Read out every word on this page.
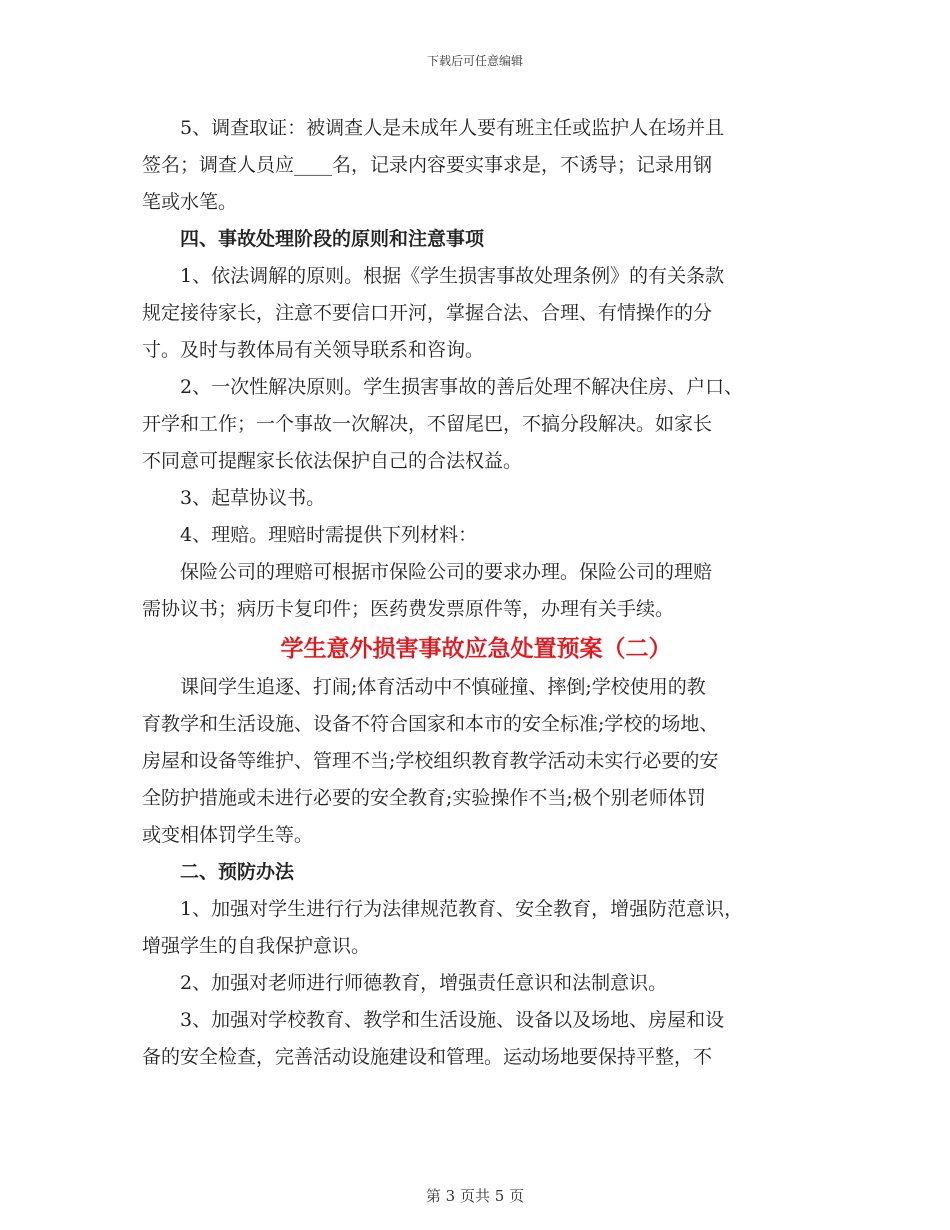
下载后可任意编辑
5、调查取证：被调查人是未成年人要有班主任或监护人在场并且
签名；调查人员应____名，记录内容要实事求是，不诱导；记录用钢
笔或水笔。
四、事故处理阶段的原则和注意事项
1、依法调解的原则。根据《学生损害事故处理条例》的有关条款
规定接待家长，注意不要信口开河，掌握合法、合理、有情操作的分
寸。及时与教体局有关领导联系和咨询。
2、一次性解决原则。学生损害事故的善后处理不解决住房、户口、
开学和工作；一个事故一次解决，不留尾巴，不搞分段解决。如家长
不同意可提醒家长依法保护自己的合法权益。
3、起草协议书。
4、理赔。理赔时需提供下列材料：
保险公司的理赔可根据市保险公司的要求办理。保险公司的理赔
需协议书；病历卡复印件；医药费发票原件等，办理有关手续。
学生意外损害事故应急处置预案（二）
课间学生追逐、打闹;体育活动中不慎碰撞、摔倒;学校使用的教
育教学和生活设施、设备不符合国家和本市的安全标准;学校的场地、
房屋和设备等维护、管理不当;学校组织教育教学活动未实行必要的安
全防护措施或未进行必要的安全教育;实验操作不当;极个别老师体罚
或变相体罚学生等。
二、预防办法
1、加强对学生进行行为法律规范教育、安全教育，增强防范意识，
增强学生的自我保护意识。
2、加强对老师进行师德教育，增强责任意识和法制意识。
3、加强对学校教育、教学和生活设施、设备以及场地、房屋和设
备的安全检查，完善活动设施建设和管理。运动场地要保持平整，不
第 3 页共 5 页
